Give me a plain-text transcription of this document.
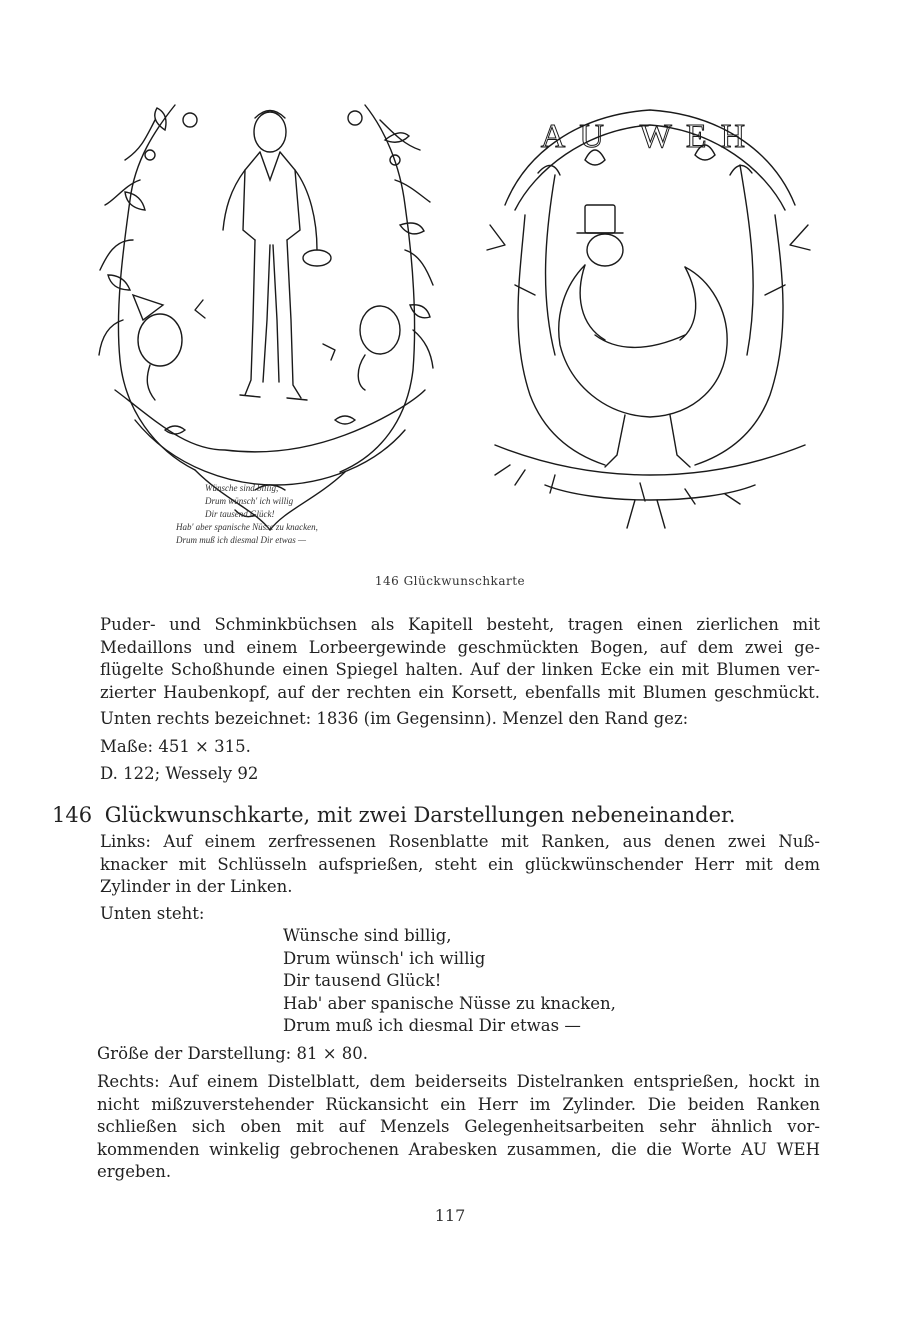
Wünsche sind billig,
Drum wünsch' ich willig
Dir tausend Glück!
Hab' aber spanische Nüsse zu knacken,
Drum muß ich diesmal Dir etwas —
AU WEH
146 Glückwunschkarte
Puder- und Schminkbüchsen als Kapitell besteht, tragen einen zierlichen mit
Medaillons und einem Lorbeergewinde geschmückten Bogen, auf dem zwei ge-
flügelte Schoßhunde einen Spiegel halten. Auf der linken Ecke ein mit Blumen ver-
zierter Haubenkopf, auf der rechten ein Korsett, ebenfalls mit Blumen geschmückt.
Unten rechts bezeichnet: 1836 (im Gegensinn). Menzel den Rand gez:
Maße: 451 × 315.
D. 122; Wessely 92
146 Glückwunschkarte, mit zwei Darstellungen nebeneinander.
Links: Auf einem zerfressenen Rosenblatte mit Ranken, aus denen zwei Nuß-
knacker mit Schlüsseln aufsprießen, steht ein glückwünschender Herr mit dem
Zylinder in der Linken.
Unten steht:
Wünsche sind billig,
Drum wünsch' ich willig
Dir tausend Glück!
Hab' aber spanische Nüsse zu knacken,
Drum muß ich diesmal Dir etwas —
Größe der Darstellung: 81 × 80.
Rechts: Auf einem Distelblatt, dem beiderseits Distelranken entsprießen, hockt in
nicht mißzuverstehender Rückansicht ein Herr im Zylinder. Die beiden Ranken
schließen sich oben mit auf Menzels Gelegenheitsarbeiten sehr ähnlich vor-
kommenden winkelig gebrochenen Arabesken zusammen, die die Worte AU WEH
ergeben.
117
